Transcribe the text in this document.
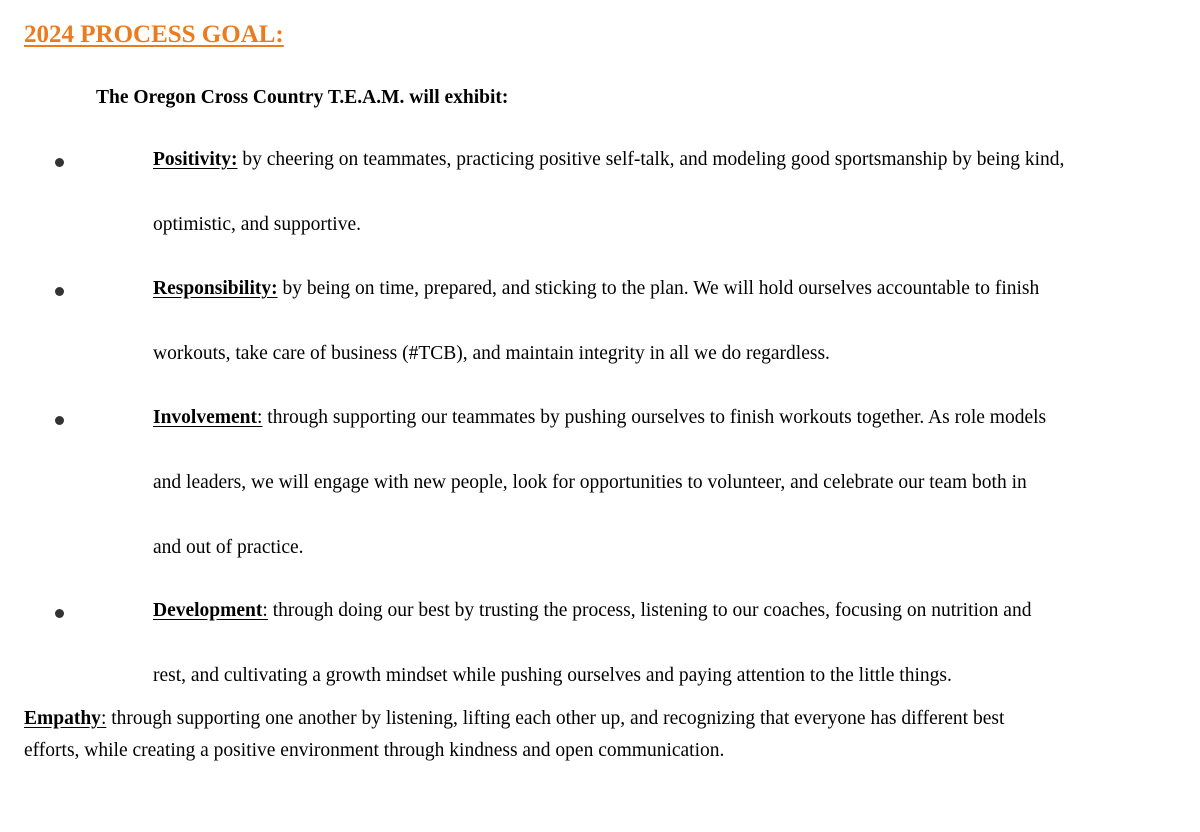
2024 PROCESS GOAL:
The Oregon Cross Country T.E.A.M. will exhibit:
Positivity: by cheering on teammates, practicing positive self-talk, and modeling good sportsmanship by being kind,
optimistic, and supportive.
Responsibility: by being on time, prepared, and sticking to the plan. We will hold ourselves accountable to finish
workouts, take care of business (#TCB), and maintain integrity in all we do regardless.
Involvement: through supporting our teammates by pushing ourselves to finish workouts together. As role models
and leaders, we will engage with new people, look for opportunities to volunteer, and celebrate our team both in
and out of practice.
Development: through doing our best by trusting the process, listening to our coaches, focusing on nutrition and
rest, and cultivating a growth mindset while pushing ourselves and paying attention to the little things.
Empathy: through supporting one another by listening, lifting each other up, and recognizing that everyone has different best
efforts, while creating a positive environment through kindness and open communication.
